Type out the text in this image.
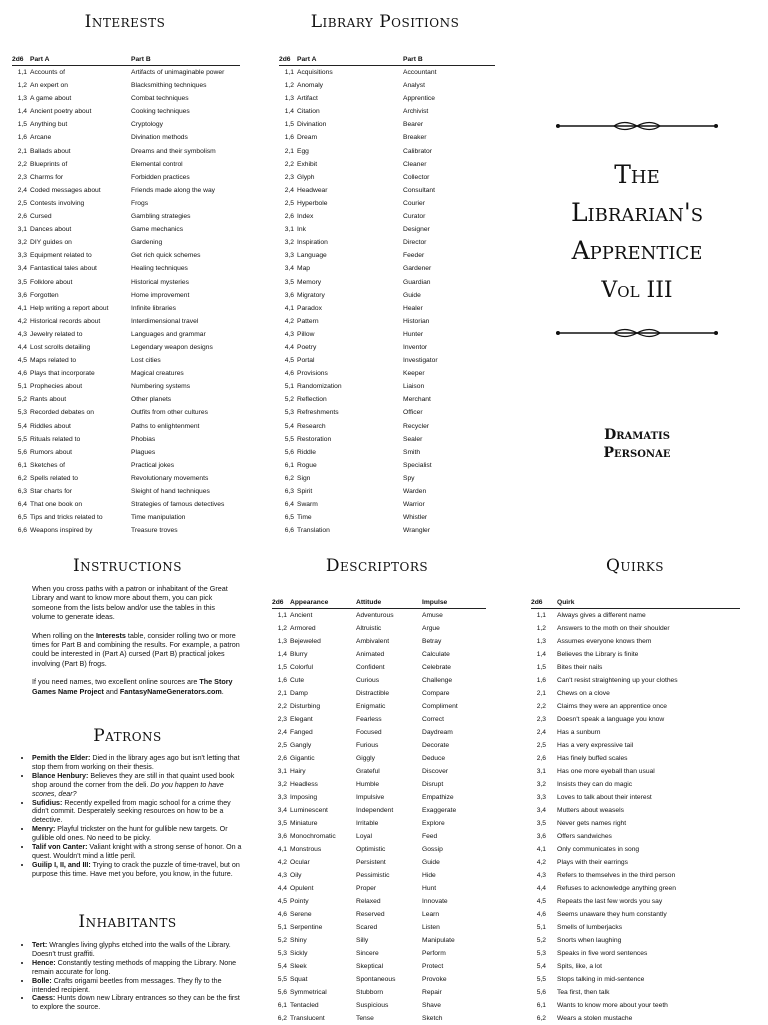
Interests
2d6	Part A	Part B
1,1	Accounts of	Artifacts of unimaginable power
1,2	An expert on	Blacksmithing techniques
1,3	A game about	Combat techniques
1,4	Ancient poetry about	Cooking techniques
1,5	Anything but	Cryptology
1,6	Arcane	Divination methods
2,1	Ballads about	Dreams and their symbolism
2,2	Blueprints of	Elemental control
2,3	Charms for	Forbidden practices
2,4	Coded messages about	Friends made along the way
2,5	Contests involving	Frogs
2,6	Cursed	Gambling strategies
3,1	Dances about	Game mechanics
3,2	DIY guides on	Gardening
3,3	Equipment related to	Get rich quick schemes
3,4	Fantastical tales about	Healing techniques
3,5	Folklore about	Historical mysteries
3,6	Forgotten	Home improvement
4,1	Help writing a report about	Infinite libraries
4,2	Historical records about	Interdimensional travel
4,3	Jewelry related to	Languages and grammar
4,4	Lost scrolls detailing	Legendary weapon designs
4,5	Maps related to	Lost cities
4,6	Plays that incorporate	Magical creatures
5,1	Prophecies about	Numbering systems
5,2	Rants about	Other planets
5,3	Recorded debates on	Outfits from other cultures
5,4	Riddles about	Paths to enlightenment
5,5	Rituals related to	Phobias
5,6	Rumors about	Plagues
6,1	Sketches of	Practical jokes
6,2	Spells related to	Revolutionary movements
6,3	Star charts for	Sleight of hand techniques
6,4	That one book on	Strategies of famous detectives
6,5	Tips and tricks related to	Time manipulation
6,6	Weapons inspired by	Treasure troves
Library Positions
2d6	Part A	Part B
1,1	Acquisitions	Accountant
1,2	Anomaly	Analyst
1,3	Artifact	Apprentice
1,4	Citation	Archivist
1,5	Divination	Bearer
1,6	Dream	Breaker
2,1	Egg	Calibrator
2,2	Exhibit	Cleaner
2,3	Glyph	Collector
2,4	Headwear	Consultant
2,5	Hyperbole	Courier
2,6	Index	Curator
3,1	Ink	Designer
3,2	Inspiration	Director
3,3	Language	Feeder
3,4	Map	Gardener
3,5	Memory	Guardian
3,6	Migratory	Guide
4,1	Paradox	Healer
4,2	Pattern	Historian
4,3	Pillow	Hunter
4,4	Poetry	Inventor
4,5	Portal	Investigator
4,6	Provisions	Keeper
5,1	Randomization	Liaison
5,2	Reflection	Merchant
5,3	Refreshments	Officer
5,4	Research	Recycler
5,5	Restoration	Sealer
5,6	Riddle	Smith
6,1	Rogue	Specialist
6,2	Sign	Spy
6,3	Spirit	Warden
6,4	Swarm	Warrior
6,5	Time	Whistler
6,6	Translation	Wrangler
The
Librarian's
Apprentice
Vol III
Dramatis
Personae
Instructions

When you cross paths with a patron or inhabitant of the Great Library and want to know more about them, you can pick someone from the lists below and/or use the tables in this volume to generate ideas.

When rolling on the Interests table, consider rolling two or more times for Part B and combining the results. For example, a patron could be interested in (Part A) cursed (Part B) practical jokes involving (Part B) frogs.

If you need names, two excellent online sources are The Story Games Name Project and FantasyNameGenerators.com.

Patrons
• Pemith the Elder: Died in the library ages ago but isn't letting that stop them from working on their thesis.
• Blance Henbury: Believes they are still in that quaint used book shop around the corner from the deli. Do you happen to have scones, dear?
• Sufidius: Recently expelled from magic school for a crime they didn't commit. Desperately seeking resources on how to be a detective.
• Menry: Playful trickster on the hunt for gullible new targets. Or gullible old ones. No need to be picky.
• Talif von Canter: Valiant knight with a strong sense of honor. On a quest. Wouldn't mind a little peril.
• Guilip I, II, and III: Trying to crack the puzzle of time-travel, but on purpose this time. Have met you before, you know, in the future.
Inhabitants
• Tert: Wrangles living glyphs etched into the walls of the Library. Doesn't trust graffiti.
• Hence: Constantly testing methods of mapping the Library. None remain accurate for long.
• Bolle: Crafts origami beetles from messages. They fly to the intended recipient.
• Caess: Hunts down new Library entrances so they can be the first to explore the source.
Descriptors
2d6	Appearance	Attitude	Impulse
1,1	Ancient	Adventurous	Amuse
1,2	Armored	Altruistic	Argue
1,3	Bejeweled	Ambivalent	Betray
1,4	Blurry	Animated	Calculate
1,5	Colorful	Confident	Celebrate
1,6	Cute	Curious	Challenge
2,1	Damp	Distractible	Compare
2,2	Disturbing	Enigmatic	Compliment
2,3	Elegant	Fearless	Correct
2,4	Fanged	Focused	Daydream
2,5	Gangly	Furious	Decorate
2,6	Gigantic	Giggly	Deduce
3,1	Hairy	Grateful	Discover
3,2	Headless	Humble	Disrupt
3,3	Imposing	Impulsive	Empathize
3,4	Luminescent	Independent	Exaggerate
3,5	Miniature	Irritable	Explore
3,6	Monochromatic	Loyal	Feed
4,1	Monstrous	Optimistic	Gossip
4,2	Ocular	Persistent	Guide
4,3	Oily	Pessimistic	Hide
4,4	Opulent	Proper	Hunt
4,5	Pointy	Relaxed	Innovate
4,6	Serene	Reserved	Learn
5,1	Serpentine	Scared	Listen
5,2	Shiny	Silly	Manipulate
5,3	Sickly	Sincere	Perform
5,4	Sleek	Skeptical	Protect
5,5	Squat	Spontaneous	Provoke
5,6	Symmetrical	Stubborn	Repair
6,1	Tentacled	Suspicious	Shave
6,2	Translucent	Tense	Sketch
Quirks
2d6	Quirk
1,1	Always gives a different name
1,2	Answers to the moth on their shoulder
1,3	Assumes everyone knows them
1,4	Believes the Library is finite
1,5	Bites their nails
1,6	Can't resist straightening up your clothes
2,1	Chews on a clove
2,2	Claims they were an apprentice once
2,3	Doesn't speak a language you know
2,4	Has a sunburn
2,5	Has a very expressive tail
2,6	Has finely buffed scales
3,1	Has one more eyeball than usual
3,2	Insists they can do magic
3,3	Loves to talk about their interest
3,4	Mutters about weasels
3,5	Never gets names right
3,6	Offers sandwiches
4,1	Only communicates in song
4,2	Plays with their earrings
4,3	Refers to themselves in the third person
4,4	Refuses to acknowledge anything green
4,5	Repeats the last few words you say
4,6	Seems unaware they hum constantly
5,1	Smells of lumberjacks
5,2	Snorts when laughing
5,3	Speaks in five word sentences
5,4	Spits, like, a lot
5,5	Stops talking in mid-sentence
5,6	Tea first, then talk
6,1	Wants to know more about your teeth
6,2	Wears a stolen mustache
